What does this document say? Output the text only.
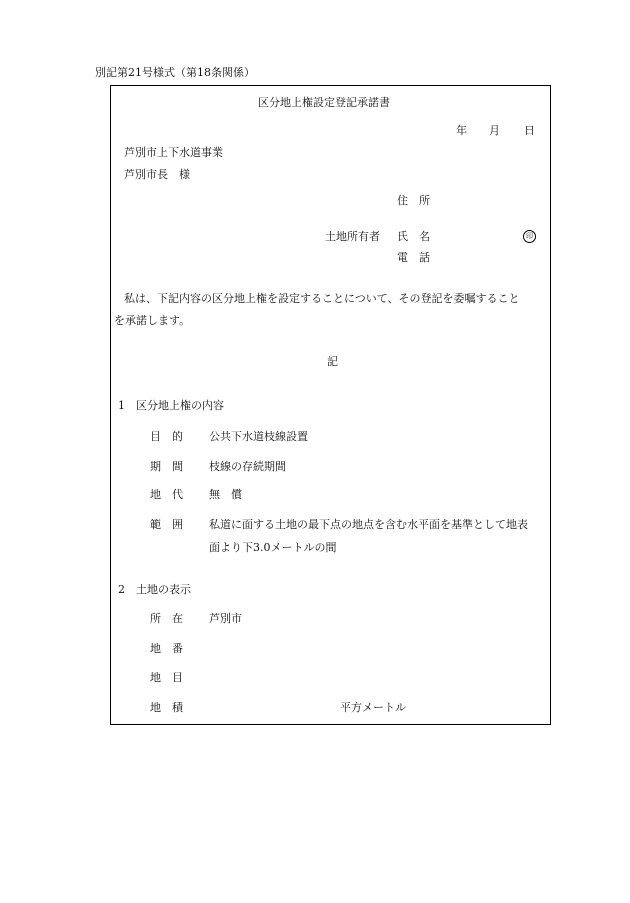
別記第21号様式（第18条関係）
区分地上権設定登記承諾書
年 月 日
芦別市上下水道事業
芦別市長　様
住　所
土地所有者 氏　名	印
電　話
私は、下記内容の区分地上権を設定することについて、その登記を委嘱すること
を承諾します。
記
1　区分地上権の内容
目　的 公共下水道枝線設置
期　間 枝線の存続期間
地　代 無　償
範　囲 私道に面する土地の最下点の地点を含む水平面を基準として地表
面より下3.0メートルの間
2　土地の表示
所　在 芦別市
地　番
地　目
地　積	平方メートル
